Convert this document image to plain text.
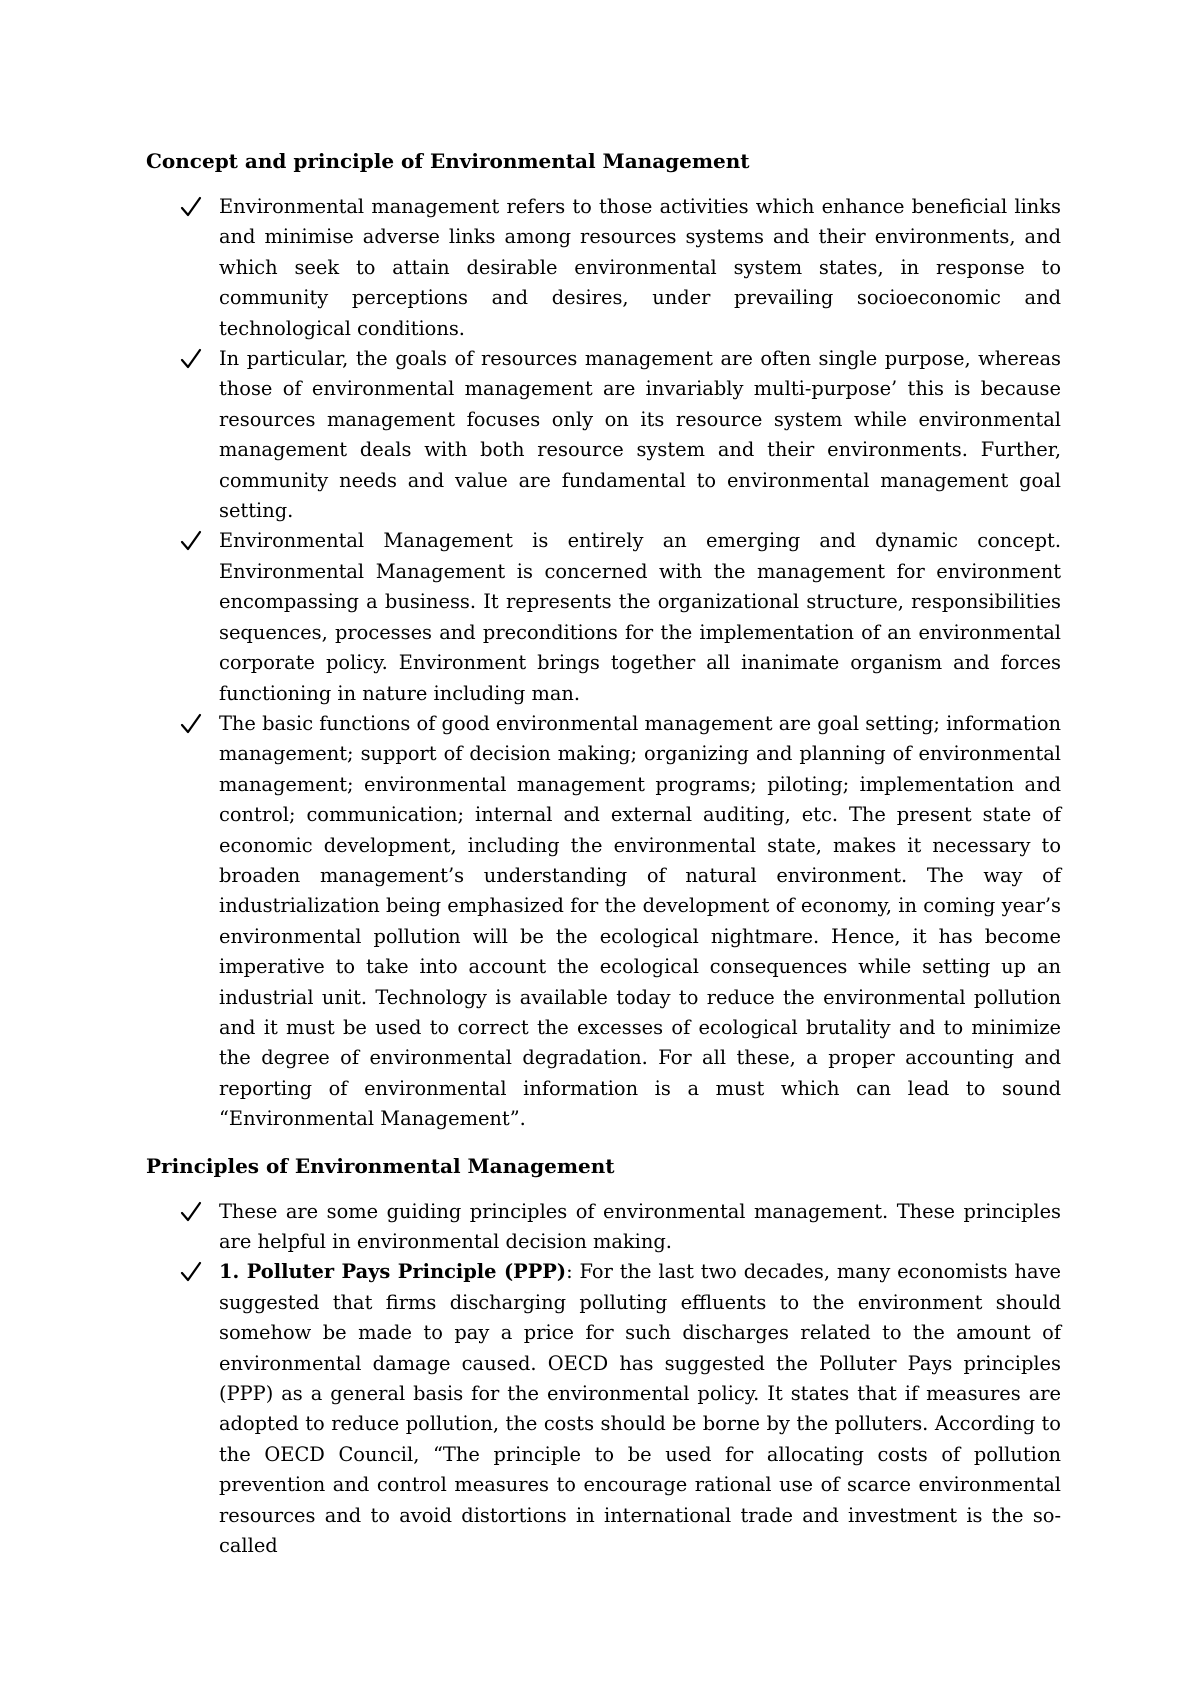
Concept and principle of Environmental Management
Environmental management refers to those activities which enhance beneficial links and minimise adverse links among resources systems and their environments, and which seek to attain desirable environmental system states, in response to community perceptions and desires, under prevailing socioeconomic and technological conditions.
In particular, the goals of resources management are often single purpose, whereas those of environmental management are invariably multi-purpose’ this is because resources management focuses only on its resource system while environmental management deals with both resource system and their environments. Further, community needs and value are fundamental to environmental management goal setting.
Environmental Management is entirely an emerging and dynamic concept. Environmental Management is concerned with the management for environment encompassing a business. It represents the organizational structure, responsibilities sequences, processes and preconditions for the implementation of an environmental corporate policy. Environment brings together all inanimate organism and forces functioning in nature including man.
The basic functions of good environmental management are goal setting; information management; support of decision making; organizing and planning of environmental management; environmental management programs; piloting; implementation and control; communication; internal and external auditing, etc. The present state of economic development, including the environmental state, makes it necessary to broaden management’s understanding of natural environment. The way of industrialization being emphasized for the development of economy, in coming year’s environmental pollution will be the ecological nightmare. Hence, it has become imperative to take into account the ecological consequences while setting up an industrial unit. Technology is available today to reduce the environmental pollution and it must be used to correct the excesses of ecological brutality and to minimize the degree of environmental degradation. For all these, a proper accounting and reporting of environmental information is a must which can lead to sound “Environmental Management”.
Principles of Environmental Management
These are some guiding principles of environmental management. These principles are helpful in environmental decision making.
1. Polluter Pays Principle (PPP): For the last two decades, many economists have suggested that firms discharging polluting effluents to the environment should somehow be made to pay a price for such discharges related to the amount of environmental damage caused. OECD has suggested the Polluter Pays principles (PPP) as a general basis for the environmental policy. It states that if measures are adopted to reduce pollution, the costs should be borne by the polluters. According to the OECD Council, “The principle to be used for allocating costs of pollution prevention and control measures to encourage rational use of scarce environmental resources and to avoid distortions in international trade and investment is the so-called
